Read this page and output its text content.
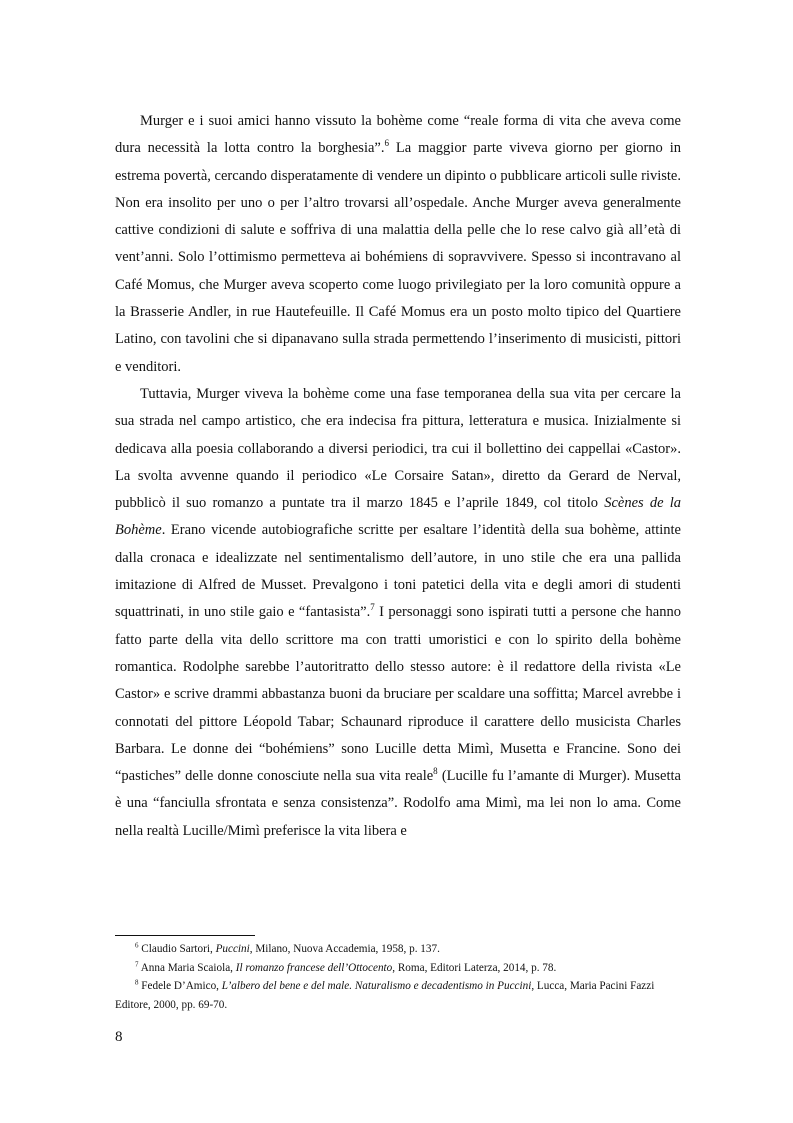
Murger e i suoi amici hanno vissuto la bohème come “reale forma di vita che aveva come dura necessità la lotta contro la borghesia”.$^6$ La maggior parte viveva giorno per giorno in estrema povertà, cercando disperatamente di vendere un dipinto o pubblicare articoli sulle riviste. Non era insolito per uno o per l’altro trovarsi all’ospedale. Anche Murger aveva generalmente cattive condizioni di salute e soffriva di una malattia della pelle che lo rese calvo già all’età di vent’anni. Solo l’ottimismo permetteva ai bohémiens di sopravvivere. Spesso si incontravano al Café Momus, che Murger aveva scoperto come luogo privilegiato per la loro comunità oppure a la Brasserie Andler, in rue Hautefeuille. Il Café Momus era un posto molto tipico del Quartiere Latino, con tavolini che si dipanavano sulla strada permettendo l’inserimento di musicisti, pittori e venditori.

Tuttavia, Murger viveva la bohème come una fase temporanea della sua vita per cercare la sua strada nel campo artistico, che era indecisa fra pittura, letteratura e musica. Inizialmente si dedicava alla poesia collaborando a diversi periodici, tra cui il bollettino dei cappellai «Castor». La svolta avvenne quando il periodico «Le Corsaire Satan», diretto da Gerard de Nerval, pubblicò il suo romanzo a puntate tra il marzo 1845 e l’aprile 1849, col titolo Scènes de la Bohème. Erano vicende autobiografiche scritte per esaltare l’identità della sua bohème, attinte dalla cronaca e idealizzate nel sentimentalismo dell’autore, in uno stile che era una pallida imitazione di Alfred de Musset. Prevalgono i toni patetici della vita e degli amori di studenti squattrinati, in uno stile gaio e “fantasista”.$^7$ I personaggi sono ispirati tutti a persone che hanno fatto parte della vita dello scrittore ma con tratti umoristici e con lo spirito della bohème romantica. Rodolphe sarebbe l’autoritratto dello stesso autore: è il redattore della rivista «Le Castor» e scrive drammi abbastanza buoni da bruciare per scaldare una soffitta; Marcel avrebbe i connotati del pittore Léopold Tabar; Schaunard riproduce il carattere dello musicista Charles Barbara. Le donne dei “bohémiens” sono Lucille detta Mimì, Musetta e Francine. Sono dei “pastiches” delle donne conosciute nella sua vita reale$^8$ (Lucille fu l’amante di Murger). Musetta è una “fanciulla sfrontata e senza consistenza”. Rodolfo ama Mimì, ma lei non lo ama. Come nella realtà Lucille/Mimì preferisce la vita libera e

$^6$ Claudio Sartori, Puccini, Milano, Nuova Accademia, 1958, p. 137.

$^7$ Anna Maria Scaiola, Il romanzo francese dell’Ottocento, Roma, Editori Laterza, 2014, p. 78.

$^8$ Fedele D’Amico, L’albero del bene e del male. Naturalismo e decadentismo in Puccini, Lucca, Maria Pacini Fazzi Editore, 2000, pp. 69-70.

8
